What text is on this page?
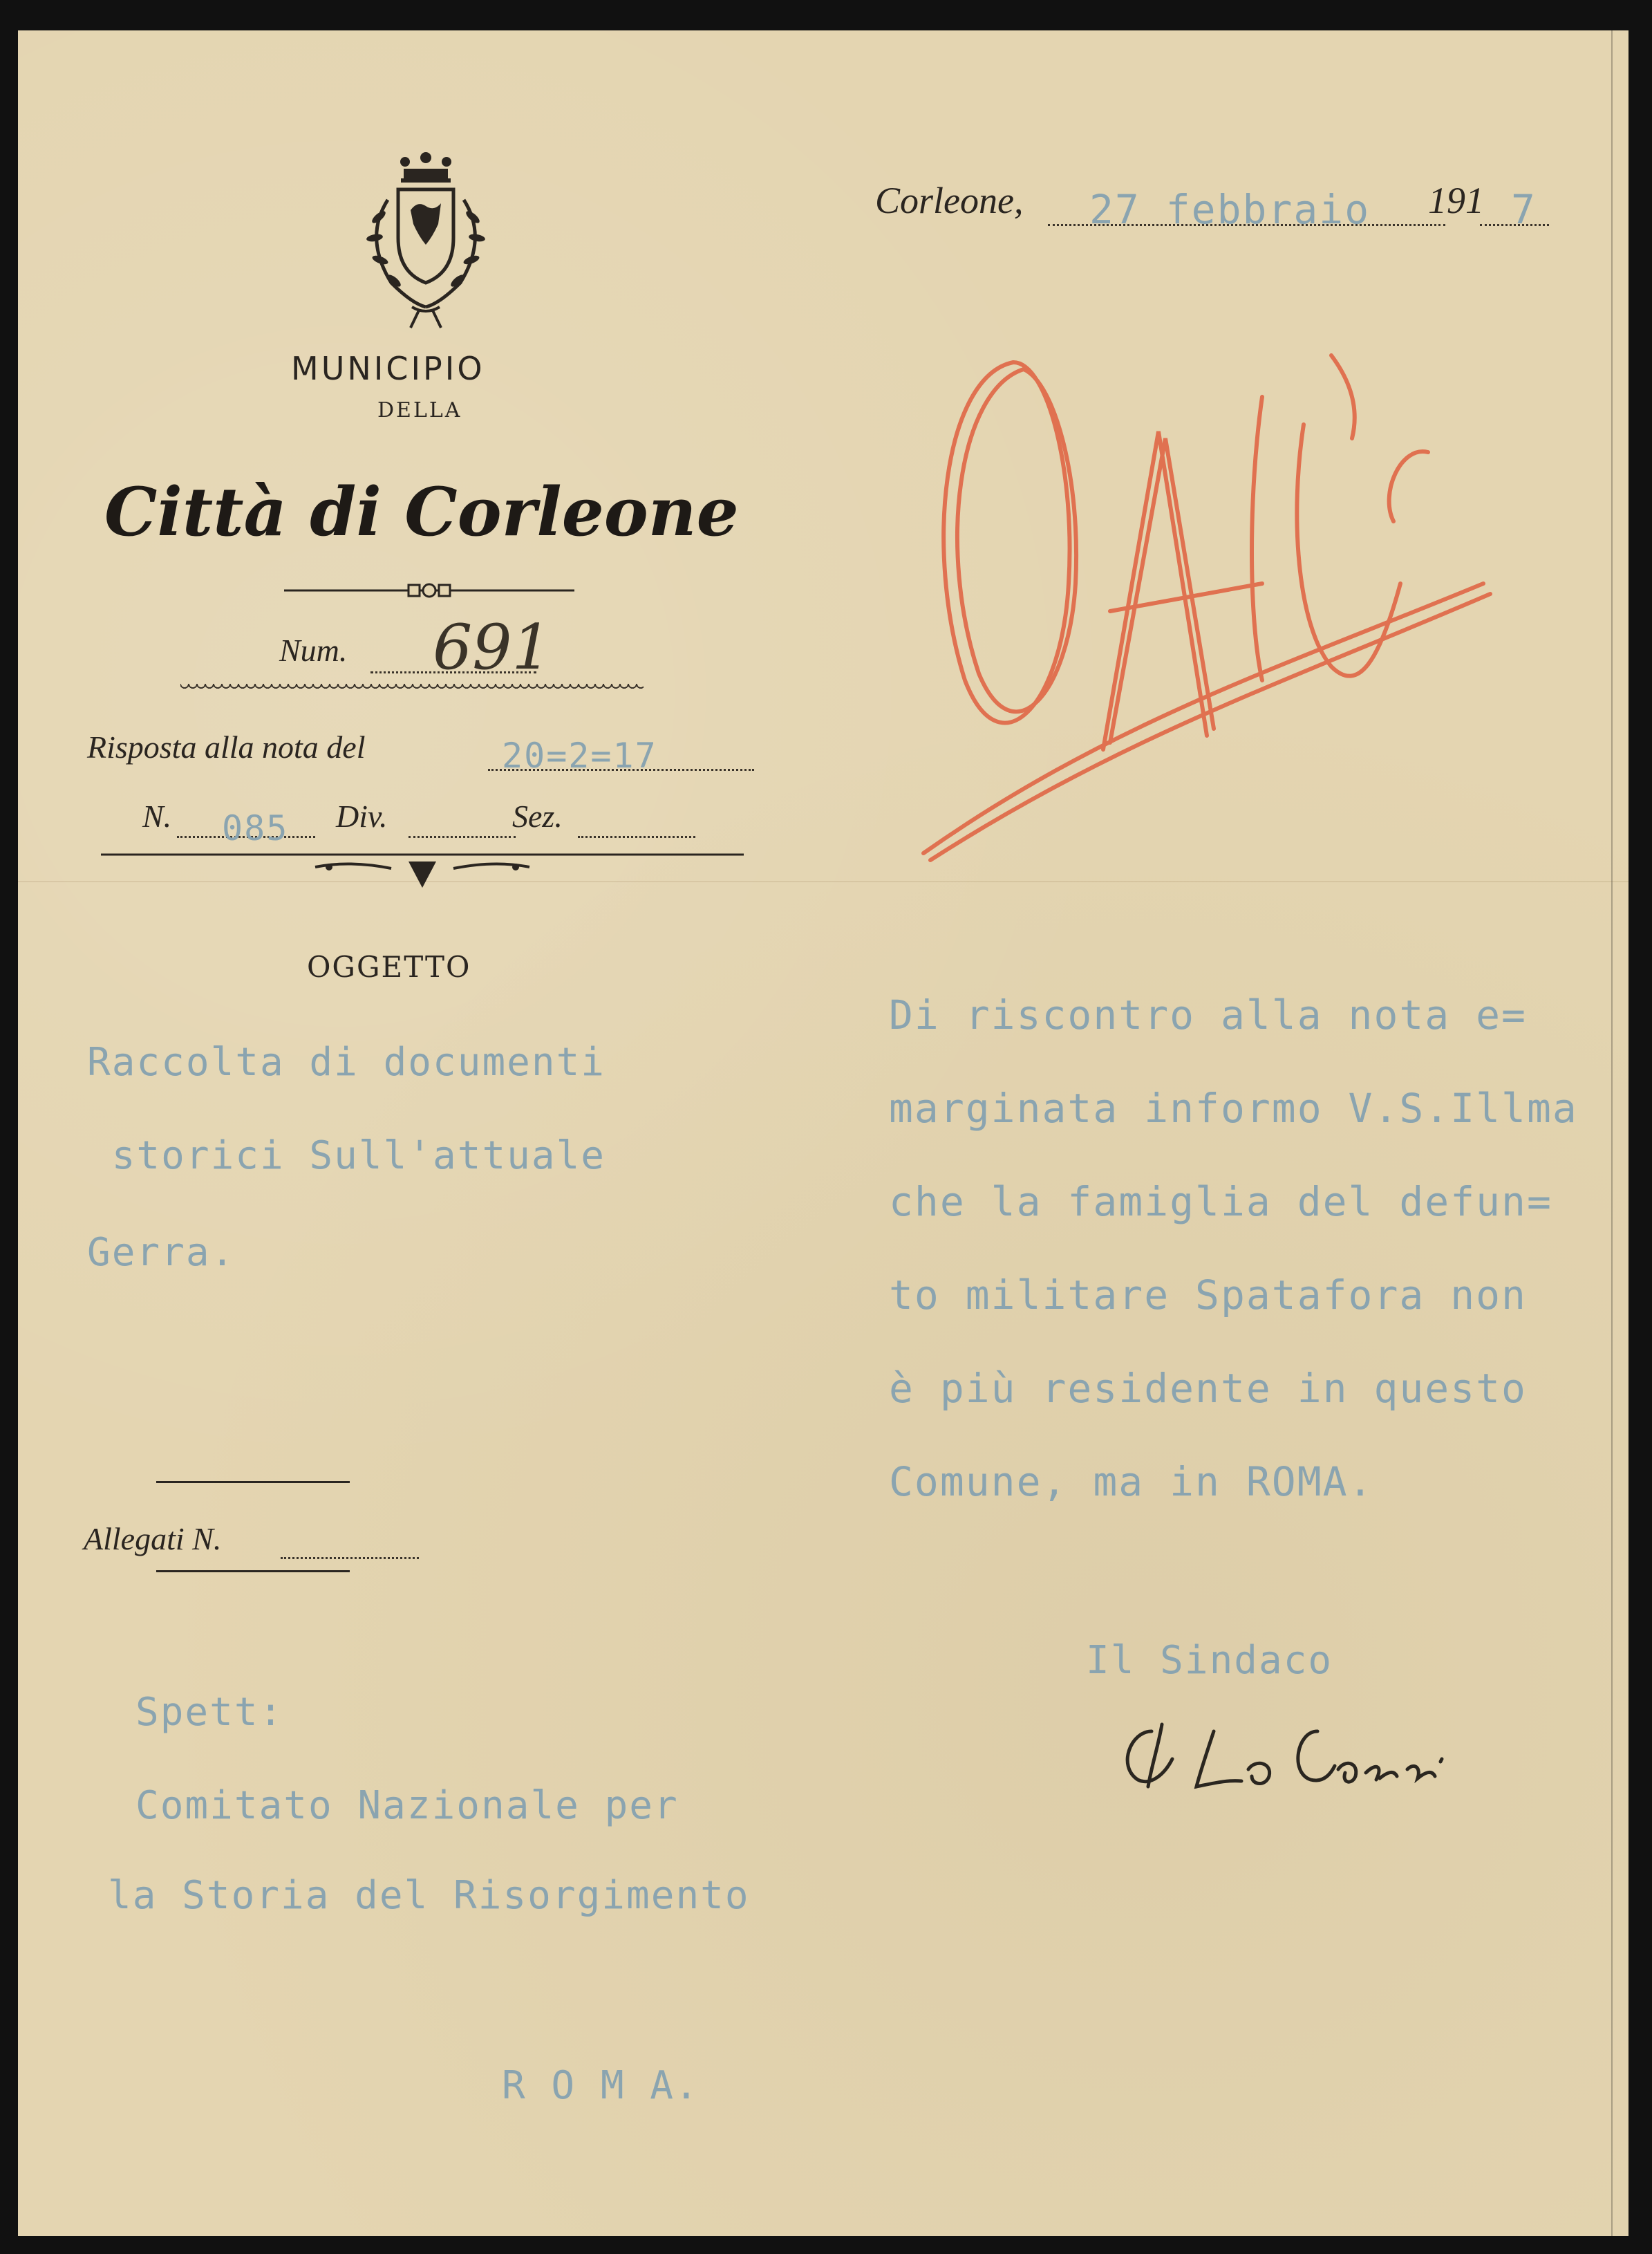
MUNICIPIO
DELLA
Città di Corleone
Num. 691
Risposta alla nota del	20=2=17
N. 085 Div.	Sez.
OGGETTO
Raccolta di documenti
storici Sull'attuale
Gerra.
Allegati N.
Spett:
Comitato Nazionale per
la Storia del Risorgimento
R O M A.
Corleone, 27 febbraio 191 7
Di riscontro alla nota e=
marginata informo V.S.Illma
che la famiglia del defun=
to militare Spatafora non
è più residente in questo
Comune, ma in ROMA.
Il Sindaco
